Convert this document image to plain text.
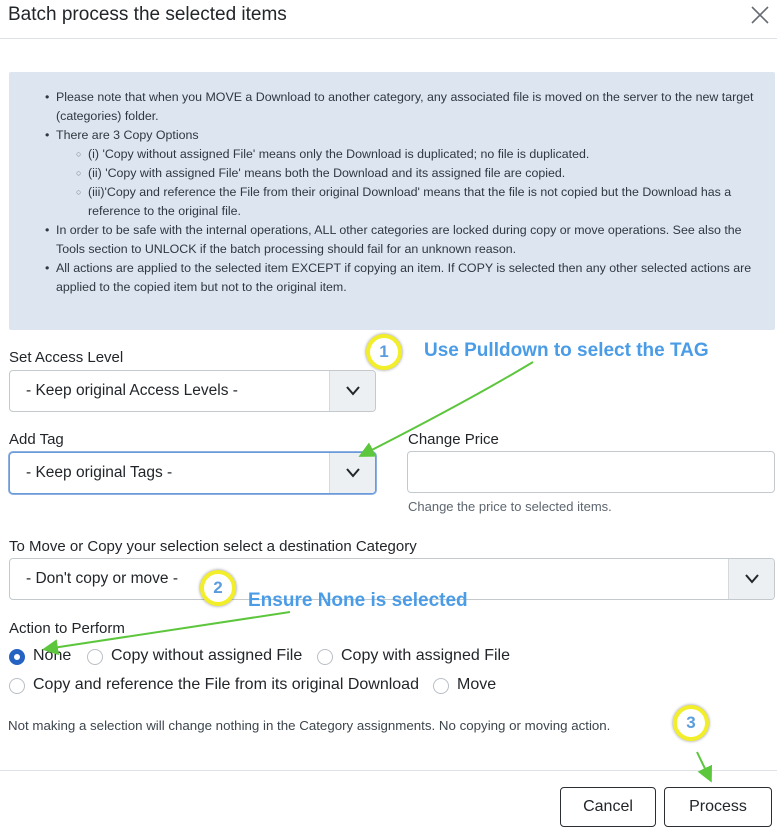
Batch process the selected items
• Please note that when you MOVE a Download to another category, any associated file is moved on the server to the new target (categories) folder.
• There are 3 Copy Options
○ (i) 'Copy without assigned File' means only the Download is duplicated; no file is duplicated.
○ (ii) 'Copy with assigned File' means both the Download and its assigned file are copied.
○ (iii)'Copy and reference the File from their original Download' means that the file is not copied but the Download has a reference to the original file.
• In order to be safe with the internal operations, ALL other categories are locked during copy or move operations. See also the Tools section to UNLOCK if the batch processing should fail for an unknown reason.
• All actions are applied to the selected item EXCEPT if copying an item. If COPY is selected then any other selected actions are applied to the copied item but not to the original item.
Set Access Level
- Keep original Access Levels -
Add Tag
- Keep original Tags -
Change Price
Change the price to selected items.
To Move or Copy your selection select a destination Category
- Don't copy or move -
Action to Perform
None Copy without assigned File Copy with assigned File
Copy and reference the File from its original Download Move
Not making a selection will change nothing in the Category assignments. No copying or moving action.
Cancel	Process
1	Use Pulldown to select the TAG
2
Ensure None is selected
3
